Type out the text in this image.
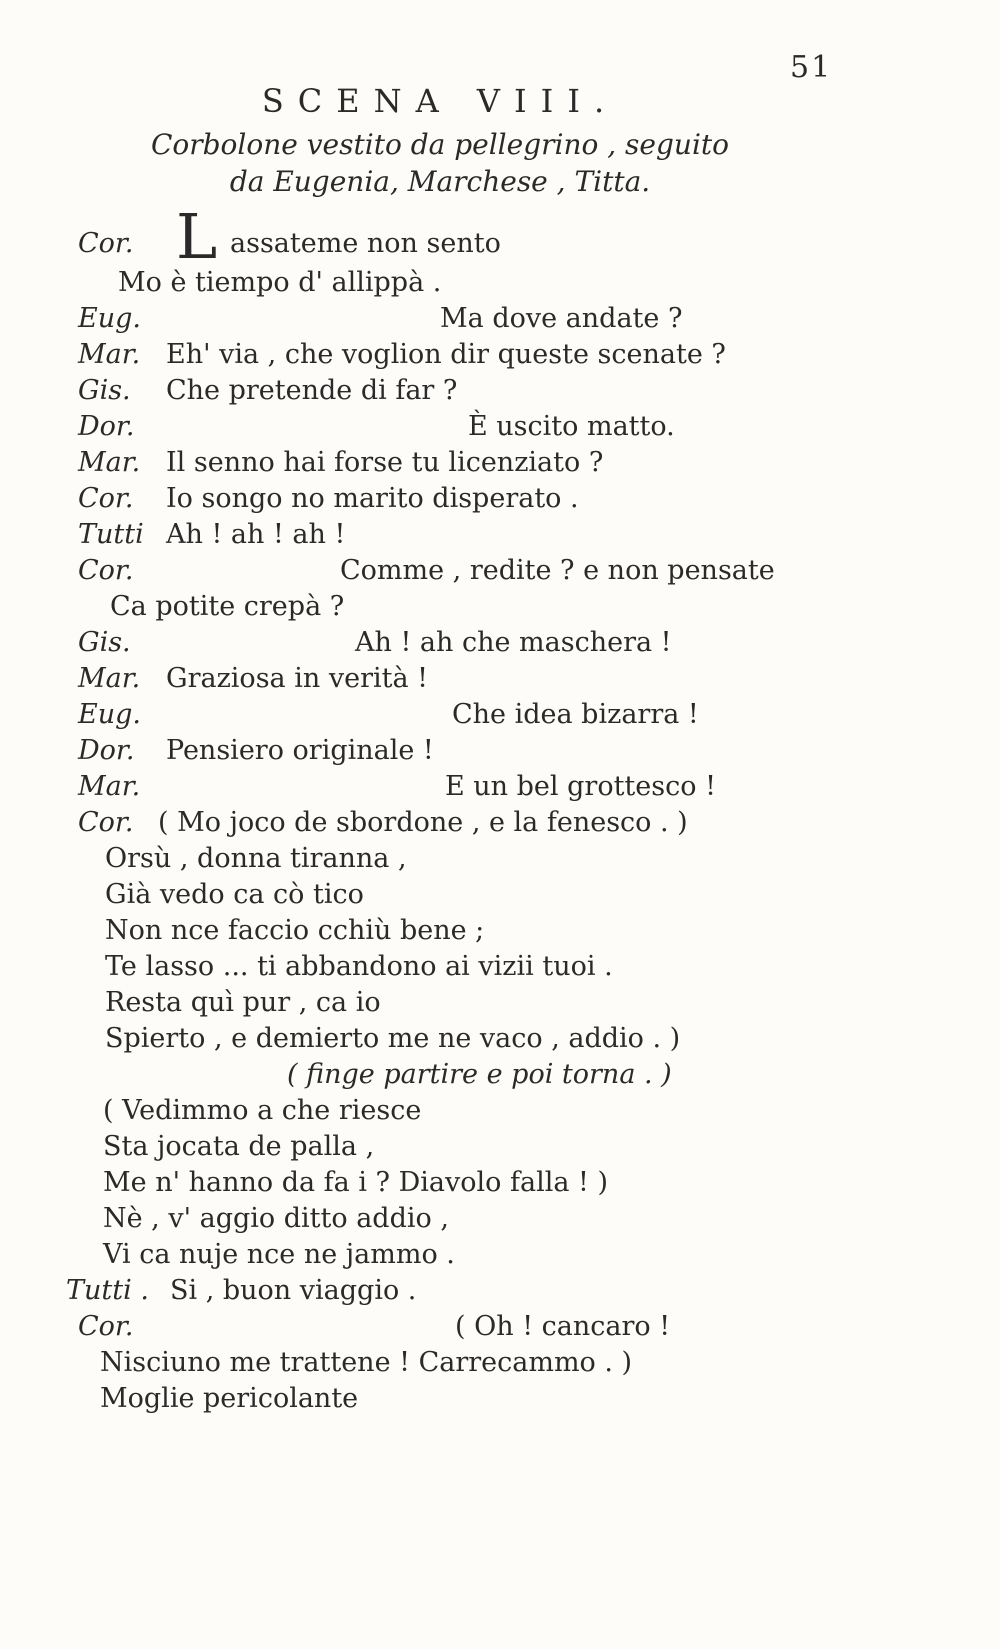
51
SCENA VIII.
Corbolone vestito da pellegrino , seguito
da Eugenia, Marchese , Titta.
Cor. L assateme non sento
Mo è tiempo d' allippà .
Eug.	Ma dove andate ?
Mar. Eh' via , che voglion dir queste scenate ?
Gis. Che pretende di far ?
Dor.	È uscito matto.
Mar. Il senno hai forse tu licenziato ?
Cor. Io songo no marito disperato .
Tutti Ah ! ah ! ah !
Cor.	Comme , redite ? e non pensate
Ca potite crepà ?
Gis.	Ah ! ah che maschera !
Mar. Graziosa in verità !
Eug.	Che idea bizarra !
Dor. Pensiero originale !
Mar.	E un bel grottesco !
Cor. ( Mo joco de sbordone , e la fenesco . )
Orsù , donna tiranna ,
Già vedo ca cò tico
Non nce faccio cchiù bene ;
Te lasso ... ti abbandono ai vizii tuoi .
Resta quì pur , ca io
Spierto , e demierto me ne vaco , addio . )
( finge partire e poi torna . )
( Vedimmo a che riesce
Sta jocata de palla ,
Me n' hanno da fa i ? Diavolo falla ! )
Nè , v' aggio ditto addio ,
Vi ca nuje nce ne jammo .
Tutti . Si , buon viaggio .
Cor.	( Oh ! cancaro !
Nisciuno me trattene ! Carrecammo . )
Moglie pericolante
